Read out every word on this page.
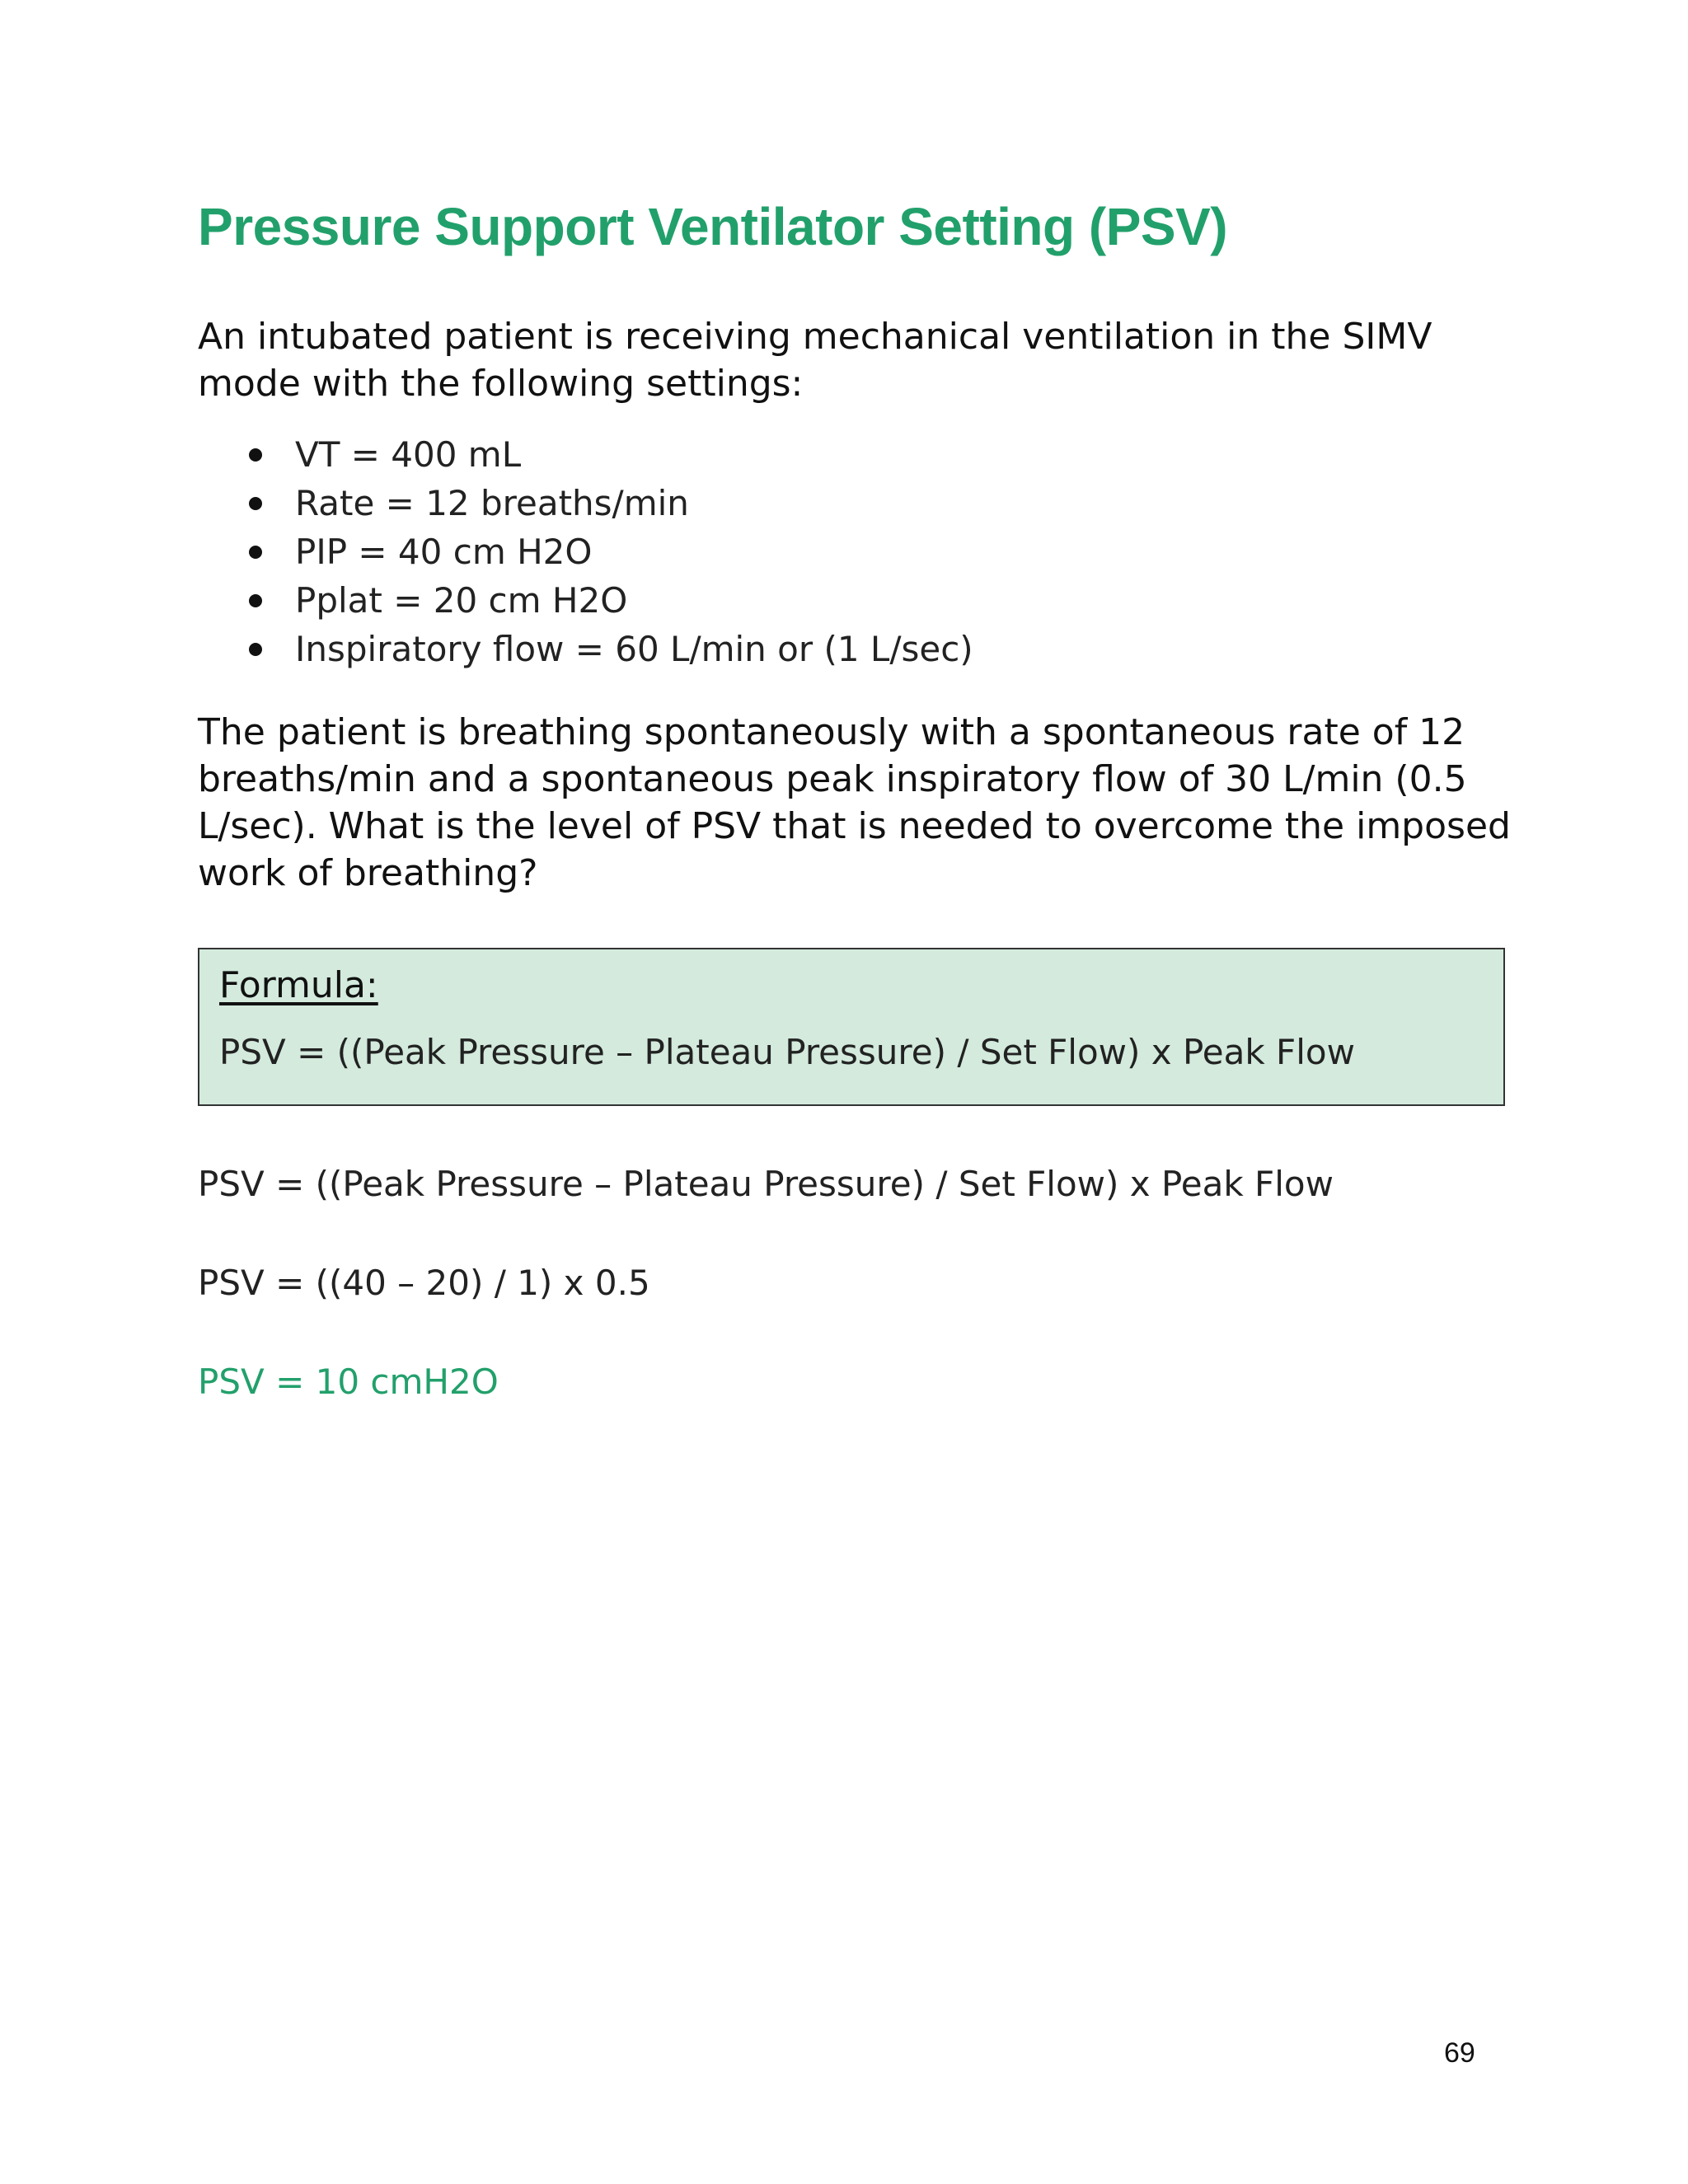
Pressure Support Ventilator Setting (PSV)

An intubated patient is receiving mechanical ventilation in the SIMV mode with the following settings:

VT = 400 mL
Rate = 12 breaths/min
PIP = 40 cm H2O
Pplat = 20 cm H2O
Inspiratory flow = 60 L/min or (1 L/sec)

The patient is breathing spontaneously with a spontaneous rate of 12 breaths/min and a spontaneous peak inspiratory flow of 30 L/min (0.5 L/sec). What is the level of PSV that is needed to overcome the imposed work of breathing?

Formula:
PSV = ((Peak Pressure – Plateau Pressure) / Set Flow) x Peak Flow

PSV = ((Peak Pressure – Plateau Pressure) / Set Flow) x Peak Flow

PSV = ((40 – 20) / 1) x 0.5

PSV = 10 cmH2O

69
